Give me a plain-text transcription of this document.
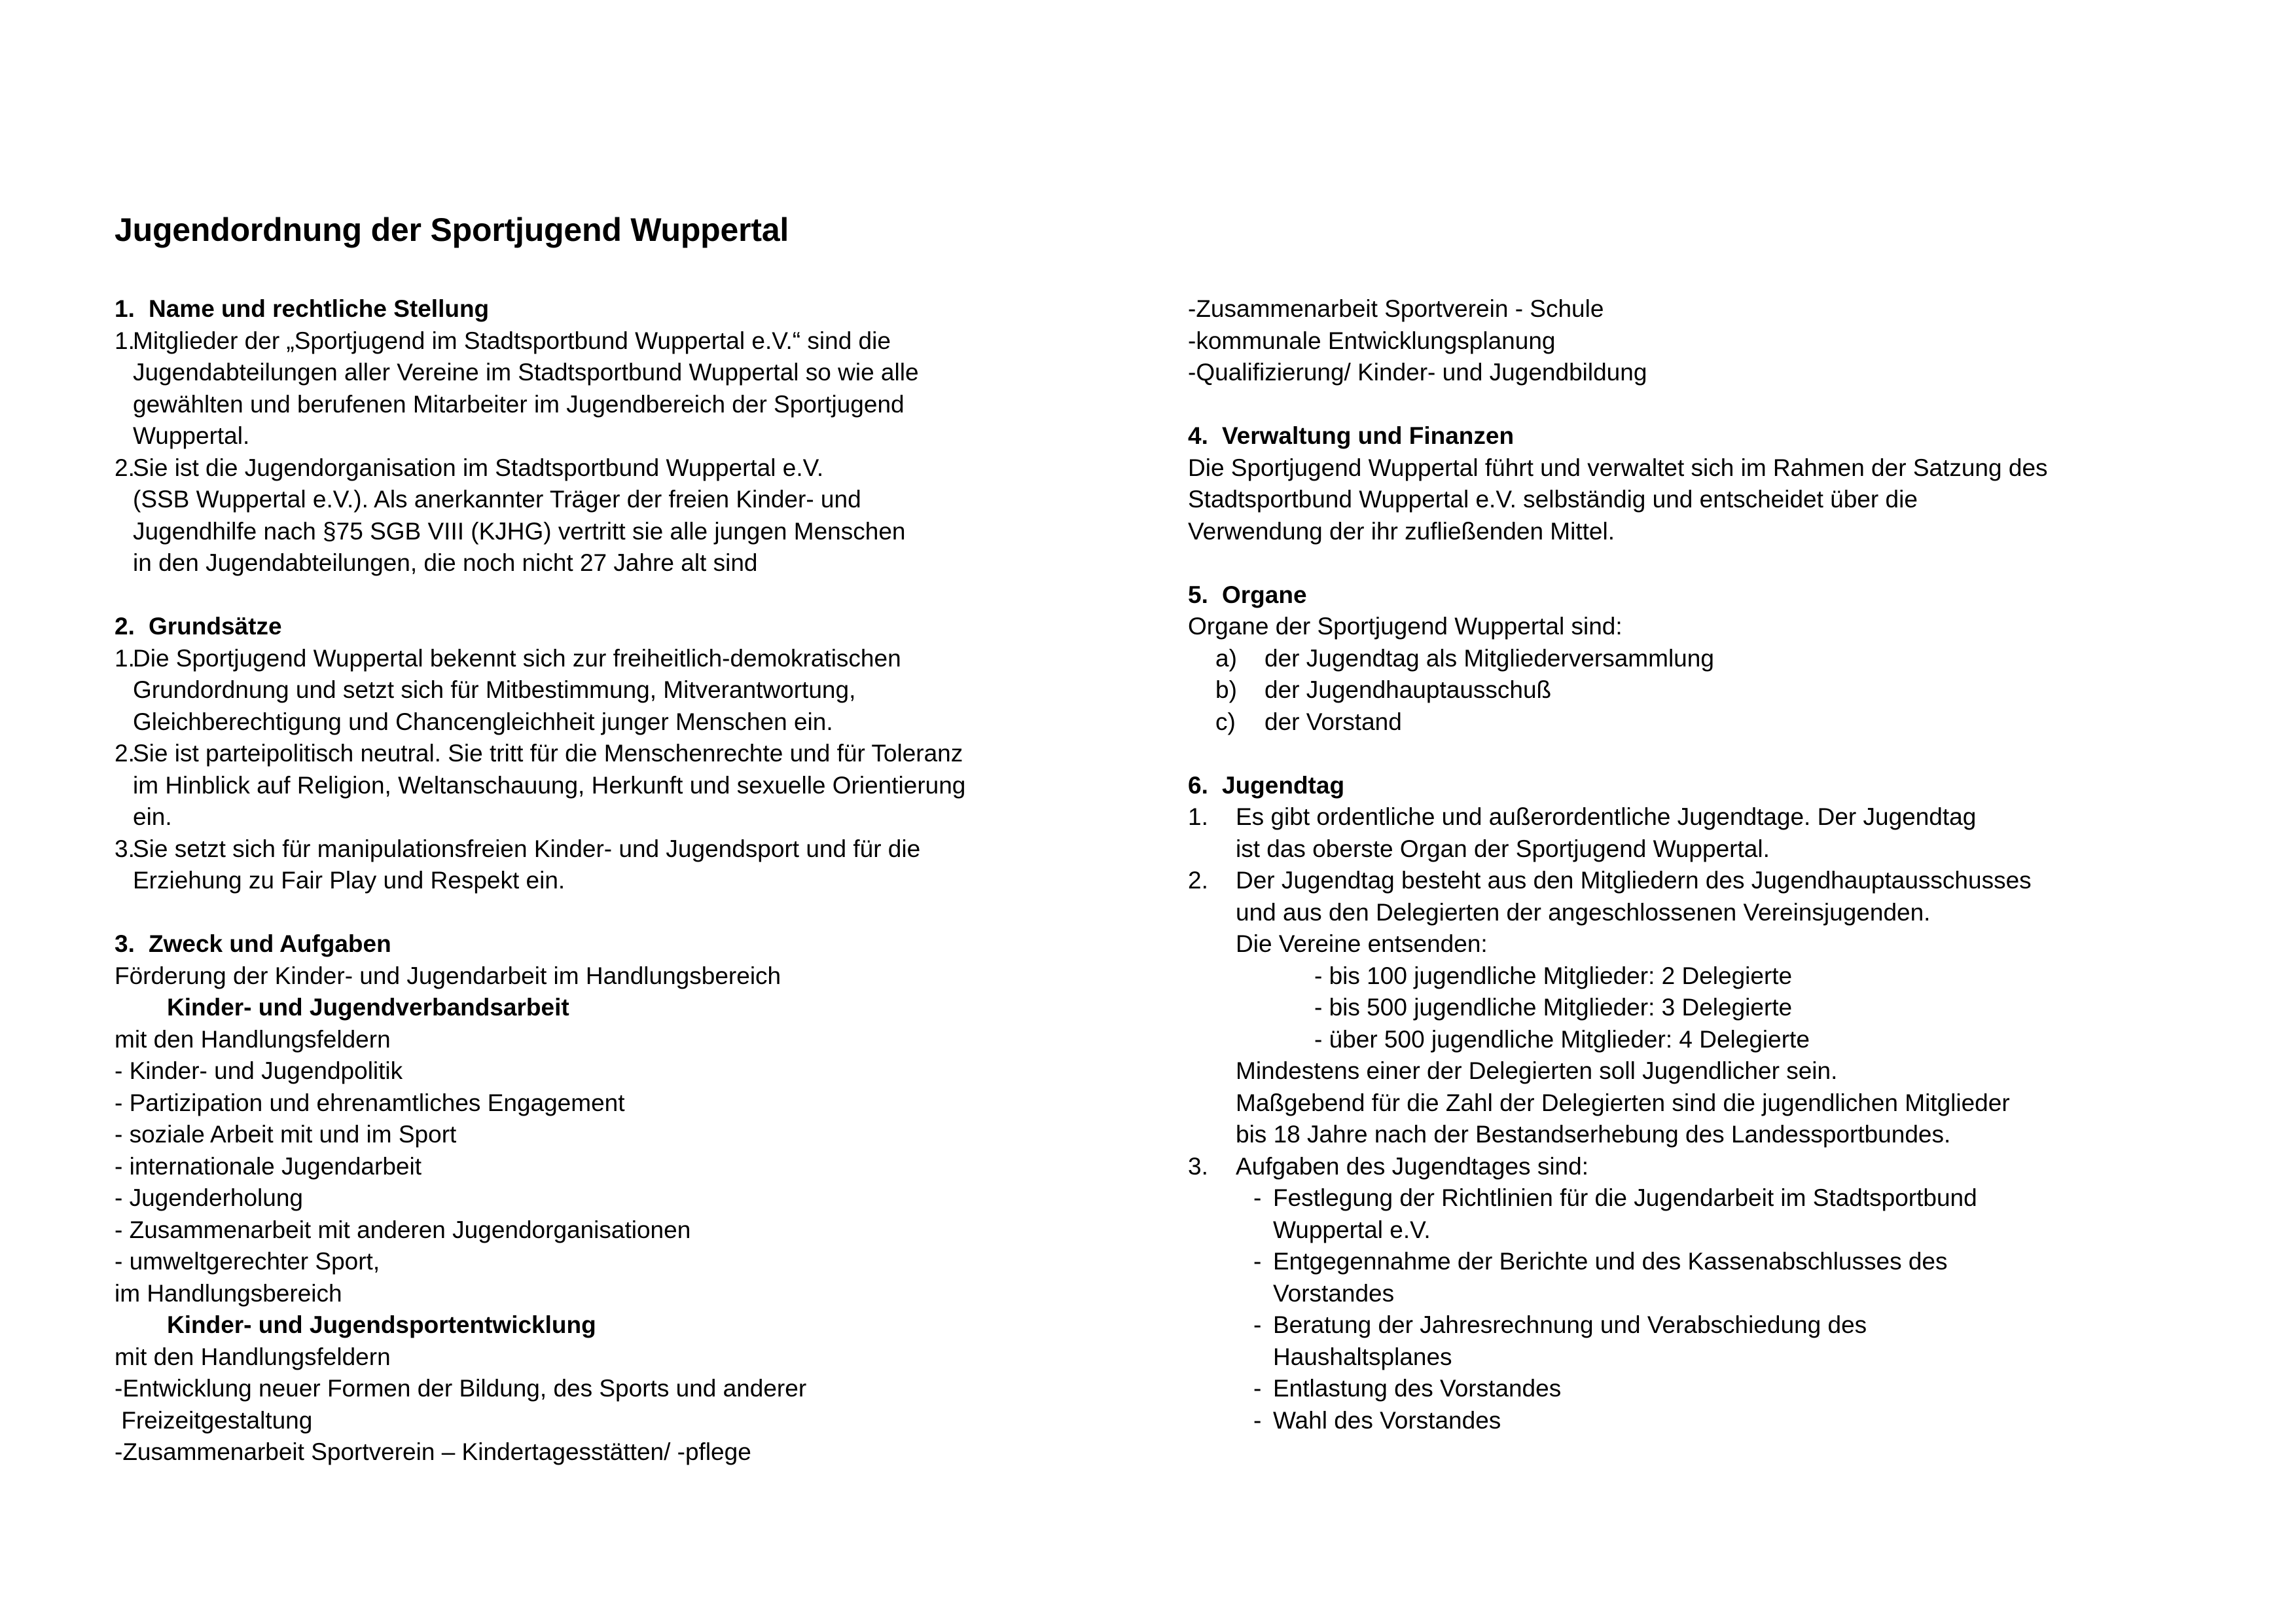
Jugendordnung der Sportjugend Wuppertal
1. Name und rechtliche Stellung
1.
Mitglieder der „Sportjugend im Stadtsportbund Wuppertal e.V.“ sind die
Jugendabteilungen aller Vereine im Stadtsportbund Wuppertal so wie alle
gewählten und berufenen Mitarbeiter im Jugendbereich der Sportjugend
Wuppertal.
2.
Sie ist die Jugendorganisation im Stadtsportbund Wuppertal e.V.
(SSB Wuppertal e.V.). Als anerkannter Träger der freien Kinder- und
Jugendhilfe nach §75 SGB VIII (KJHG) vertritt sie alle jungen Menschen
in den Jugendabteilungen, die noch nicht 27 Jahre alt sind
2. Grundsätze
1.
Die Sportjugend Wuppertal bekennt sich zur freiheitlich-demokratischen
Grundordnung und setzt sich für Mitbestimmung, Mitverantwortung,
Gleichberechtigung und Chancengleichheit junger Menschen ein.
2.
Sie ist parteipolitisch neutral. Sie tritt für die Menschenrechte und für Toleranz
im Hinblick auf Religion, Weltanschauung, Herkunft und sexuelle Orientierung
ein.
3.
Sie setzt sich für manipulationsfreien Kinder- und Jugendsport und für die
Erziehung zu Fair Play und Respekt ein.
3. Zweck und Aufgaben
Förderung der Kinder- und Jugendarbeit im Handlungsbereich
Kinder- und Jugendverbandsarbeit
mit den Handlungsfeldern
- Kinder- und Jugendpolitik
- Partizipation und ehrenamtliches Engagement
- soziale Arbeit mit und im Sport
- internationale Jugendarbeit
- Jugenderholung
- Zusammenarbeit mit anderen Jugendorganisationen
- umweltgerechter Sport,
im Handlungsbereich
Kinder- und Jugendsportentwicklung
mit den Handlungsfeldern
-Entwicklung neuer Formen der Bildung, des Sports und anderer
Freizeitgestaltung
-Zusammenarbeit Sportverein – Kindertagesstätten/ -pflege
-Zusammenarbeit Sportverein - Schule
-kommunale Entwicklungsplanung
-Qualifizierung/ Kinder- und Jugendbildung
4. Verwaltung und Finanzen
Die Sportjugend Wuppertal führt und verwaltet sich im Rahmen der Satzung des
Stadtsportbund Wuppertal e.V. selbständig und entscheidet über die
Verwendung der ihr zufließenden Mittel.
5. Organe
Organe der Sportjugend Wuppertal sind:
a)	der Jugendtag als Mitgliederversammlung
b)	der Jugendhauptausschuß
c)	der Vorstand
6. Jugendtag
1.	Es gibt ordentliche und außerordentliche Jugendtage. Der Jugendtag
ist das oberste Organ der Sportjugend Wuppertal.
2.	Der Jugendtag besteht aus den Mitgliedern des Jugendhauptausschusses
und aus den Delegierten der angeschlossenen Vereinsjugenden.
Die Vereine entsenden:
- bis 100 jugendliche Mitglieder: 2 Delegierte
- bis 500 jugendliche Mitglieder: 3 Delegierte
- über 500 jugendliche Mitglieder: 4 Delegierte
Mindestens einer der Delegierten soll Jugendlicher sein.
Maßgebend für die Zahl der Delegierten sind die jugendlichen Mitglieder
bis 18 Jahre nach der Bestandserhebung des Landessportbundes.
3.	Aufgaben des Jugendtages sind:
- Festlegung der Richtlinien für die Jugendarbeit im Stadtsportbund
Wuppertal e.V.
- Entgegennahme der Berichte und des Kassenabschlusses des
Vorstandes
- Beratung der Jahresrechnung und Verabschiedung des
Haushaltsplanes
- Entlastung des Vorstandes
- Wahl des Vorstandes
